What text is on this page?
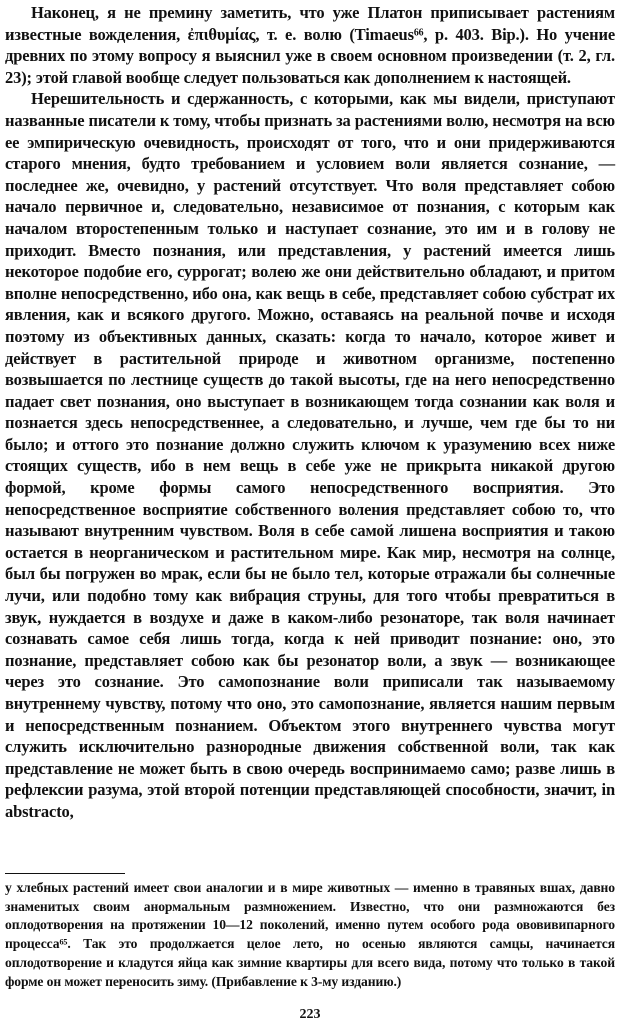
Наконец, я не премину заметить, что уже Платон приписывает растениям известные вожделения, ἐπιθυμίας, т. е. волю (Timaeus⁶⁶, p. 403. Bip.). Но учение древних по этому вопросу я выяснил уже в своем основном произведении (т. 2, гл. 23); этой главой вообще следует пользоваться как дополнением к настоящей.

Нерешительность и сдержанность, с которыми, как мы видели, приступают названные писатели к тому, чтобы признать за растениями волю, несмотря на всю ее эмпирическую очевидность, происходят от того, что и они придерживаются старого мнения, будто требованием и условием воли является сознание, — последнее же, очевидно, у растений отсутствует. Что воля представляет собою начало первичное и, следовательно, независимое от познания, с которым как началом второстепенным только и наступает сознание, это им и в голову не приходит. Вместо познания, или представления, у растений имеется лишь некоторое подобие его, суррогат; волею же они действительно обладают, и притом вполне непосредственно, ибо она, как вещь в себе, представляет собою субстрат их явления, как и всякого другого. Можно, оставаясь на реальной почве и исходя поэтому из объективных данных, сказать: когда то начало, которое живет и действует в растительной природе и животном организме, постепенно возвышается по лестнице существ до такой высоты, где на него непосредственно падает свет познания, оно выступает в возникающем тогда сознании как воля и познается здесь непосредственнее, а следовательно, и лучше, чем где бы то ни было; и оттого это познание должно служить ключом к уразумению всех ниже стоящих существ, ибо в нем вещь в себе уже не прикрыта никакой другою формой, кроме формы самого непосредственного восприятия. Это непосредственное восприятие собственного воления представляет собою то, что называют внутренним чувством. Воля в себе самой лишена восприятия и такою остается в неорганическом и растительном мире. Как мир, несмотря на солнце, был бы погружен во мрак, если бы не было тел, которые отражали бы солнечные лучи, или подобно тому как вибрация струны, для того чтобы превратиться в звук, нуждается в воздухе и даже в каком-либо резонаторе, так воля начинает сознавать самое себя лишь тогда, когда к ней приводит познание: оно, это познание, представляет собою как бы резонатор воли, а звук — возникающее через это сознание. Это самопознание воли приписали так называемому внутреннему чувству, потому что оно, это самопознание, является нашим первым и непосредственным познанием. Объектом этого внутреннего чувства могут служить исключительно разнородные движения собственной воли, так как представление не может быть в свою очередь воспринимаемо само; разве лишь в рефлексии разума, этой второй потенции представляющей способности, значит, in abstracto,

у хлебных растений имеет свои аналогии и в мире животных — именно в травяных вшах, давно знаменитых своим анормальным размножением. Известно, что они размножаются без оплодотворения на протяжении 10—12 поколений, именно путем особого рода ововивипарного процесса⁶⁵. Так это продолжается целое лето, но осенью являются самцы, начинается оплодотворение и кладутся яйца как зимние квартиры для всего вида, потому что только в такой форме он может переносить зиму. (Прибавление к 3-му изданию.)

223
